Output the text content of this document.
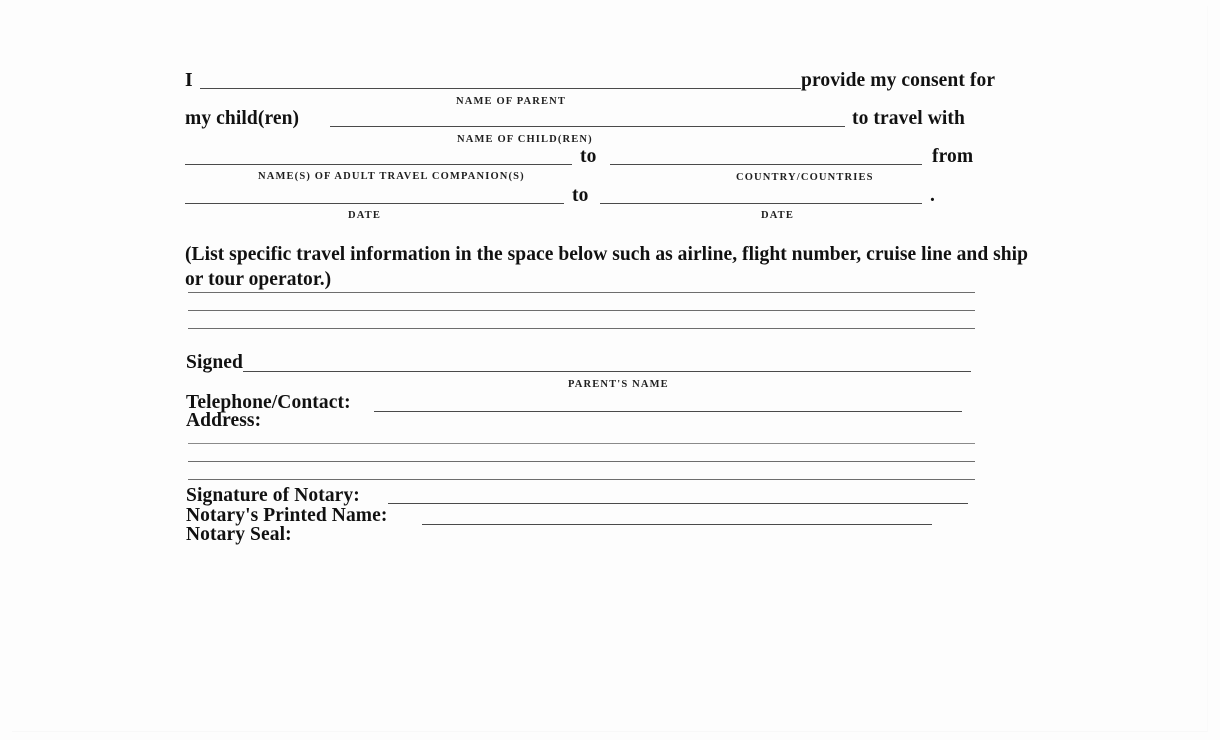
I	provide my consent for
NAME OF PARENT
my child(ren)	to travel with
NAME OF CHILD(REN)
to	from
NAME(S) OF ADULT TRAVEL COMPANION(S)	COUNTRY/COUNTRIES
to	.
DATE	DATE
(List specific travel information in the space below such as airline, flight number, cruise line and ship or tour operator.)
Signed
PARENT'S NAME
Telephone/Contact:
Address:
Signature of Notary:
Notary's Printed Name:
Notary Seal:
